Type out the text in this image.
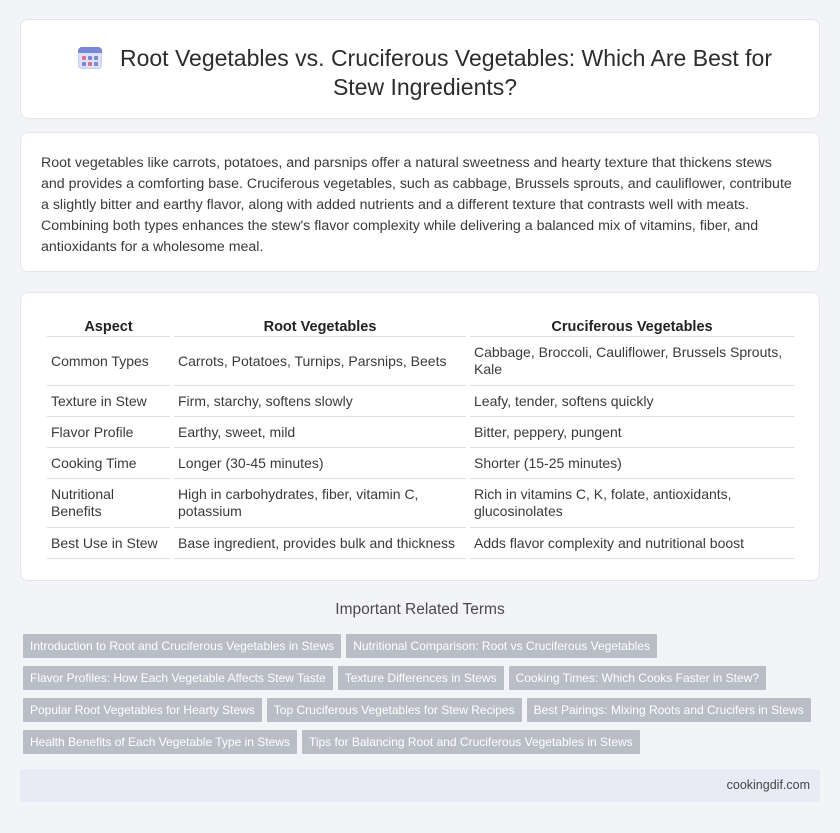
Root Vegetables vs. Cruciferous Vegetables: Which Are Best for Stew Ingredients?

Root vegetables like carrots, potatoes, and parsnips offer a natural sweetness and hearty texture that thickens stews and provides a comforting base. Cruciferous vegetables, such as cabbage, Brussels sprouts, and cauliflower, contribute a slightly bitter and earthy flavor, along with added nutrients and a different texture that contrasts well with meats. Combining both types enhances the stew's flavor complexity while delivering a balanced mix of vitamins, fiber, and antioxidants for a wholesome meal.

Aspect	Root Vegetables	Cruciferous Vegetables
Common Types	Carrots, Potatoes, Turnips, Parsnips, Beets	Cabbage, Broccoli, Cauliflower, Brussels Sprouts, Kale
Texture in Stew	Firm, starchy, softens slowly	Leafy, tender, softens quickly
Flavor Profile	Earthy, sweet, mild	Bitter, peppery, pungent
Cooking Time	Longer (30-45 minutes)	Shorter (15-25 minutes)
Nutritional Benefits	High in carbohydrates, fiber, vitamin C, potassium	Rich in vitamins C, K, folate, antioxidants, glucosinolates
Best Use in Stew	Base ingredient, provides bulk and thickness	Adds flavor complexity and nutritional boost
Important Related Terms
Introduction to Root and Cruciferous Vegetables in Stews Nutritional Comparison: Root vs Cruciferous Vegetables
Flavor Profiles: How Each Vegetable Affects Stew Taste Texture Differences in Stews Cooking Times: Which Cooks Faster in Stew?
Popular Root Vegetables for Hearty Stews Top Cruciferous Vegetables for Stew Recipes Best Pairings: Mixing Roots and Crucifers in Stews
Health Benefits of Each Vegetable Type in Stews Tips for Balancing Root and Cruciferous Vegetables in Stews
cookingdif.com
